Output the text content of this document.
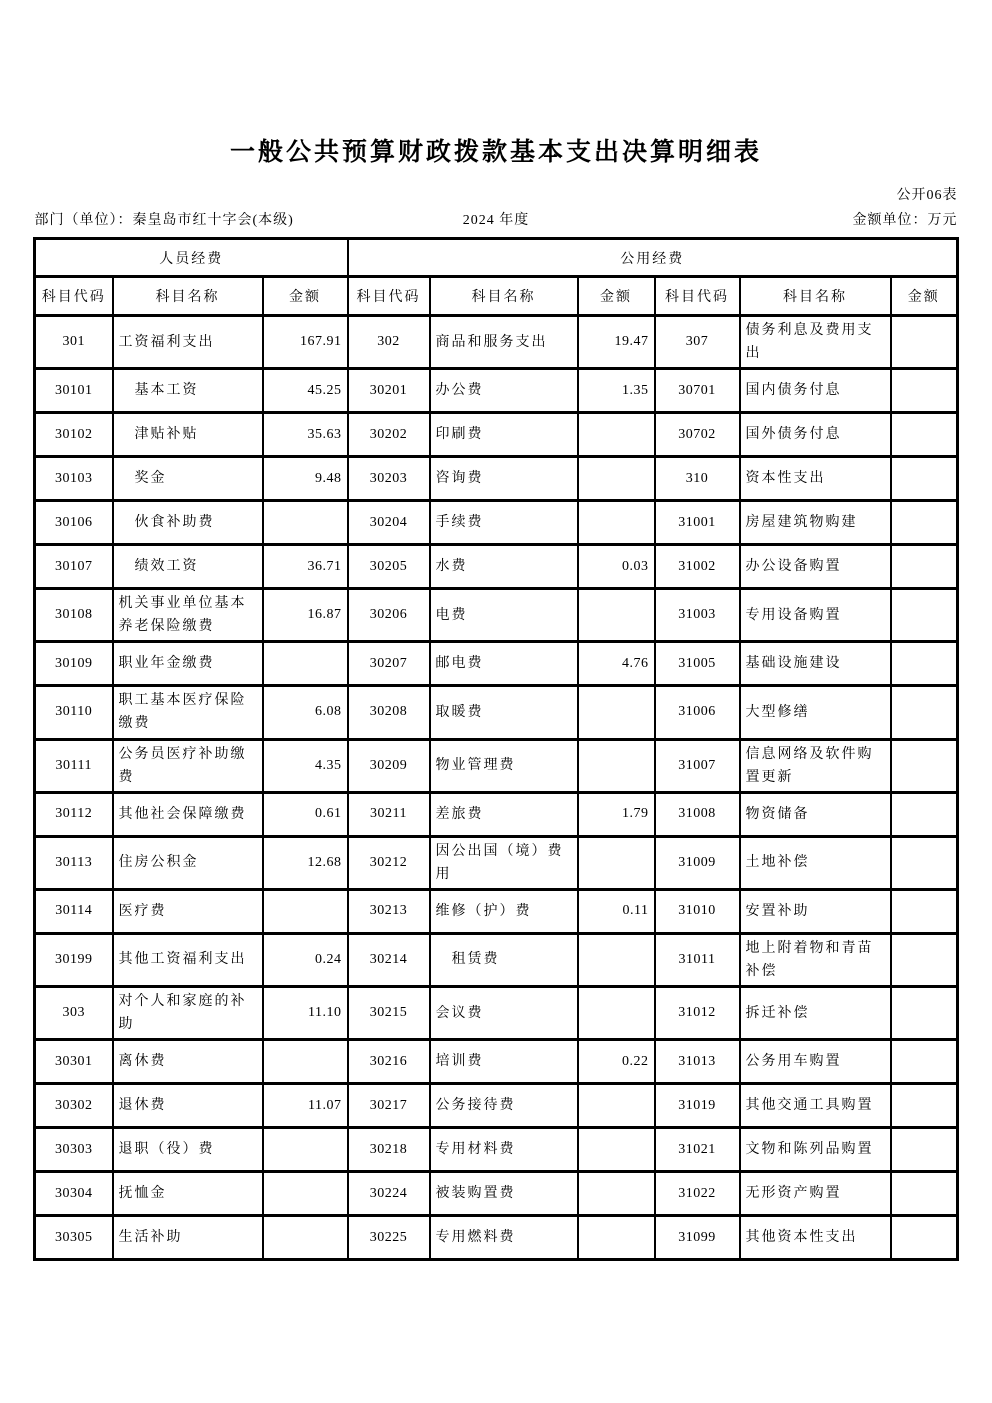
一般公共预算财政拨款基本支出决算明细表
公开06表
部门（单位）：秦皇岛市红十字会(本级)	2024 年度	金额单位：万元
人员经费			公用经费					
科目代码	科目名称	金额	科目代码	科目名称	金额	科目代码	科目名称	金额
301	工资福利支出	167.91	302	商品和服务支出	19.47	307	债务利息及费用支出	
30101	　基本工资	45.25	30201	办公费	1.35	30701	国内债务付息	
30102	　津贴补贴	35.63	30202	印刷费		30702	国外债务付息	
30103	　奖金	9.48	30203	咨询费		310	资本性支出	
30106	　伙食补助费		30204	手续费		31001	房屋建筑物购建	
30107	　绩效工资	36.71	30205	水费	0.03	31002	办公设备购置	
30108	机关事业单位基本养老保险缴费	16.87	30206	电费		31003	专用设备购置	
30109	职业年金缴费		30207	邮电费	4.76	31005	基础设施建设	
30110	职工基本医疗保险缴费	6.08	30208	取暖费		31006	大型修缮	
30111	公务员医疗补助缴费	4.35	30209	物业管理费		31007	信息网络及软件购置更新	
30112	其他社会保障缴费	0.61	30211	差旅费	1.79	31008	物资储备	
30113	住房公积金	12.68	30212	因公出国（境）费用		31009	土地补偿	
30114	医疗费		30213	维修（护）费	0.11	31010	安置补助	
30199	其他工资福利支出	0.24	30214	　租赁费		31011	地上附着物和青苗补偿	
303	对个人和家庭的补助	11.10	30215	会议费		31012	拆迁补偿	
30301	离休费		30216	培训费	0.22	31013	公务用车购置	
30302	退休费	11.07	30217	公务接待费		31019	其他交通工具购置	
30303	退职（役）费		30218	专用材料费		31021	文物和陈列品购置	
30304	抚恤金		30224	被装购置费		31022	无形资产购置	
30305	生活补助		30225	专用燃料费		31099	其他资本性支出	
